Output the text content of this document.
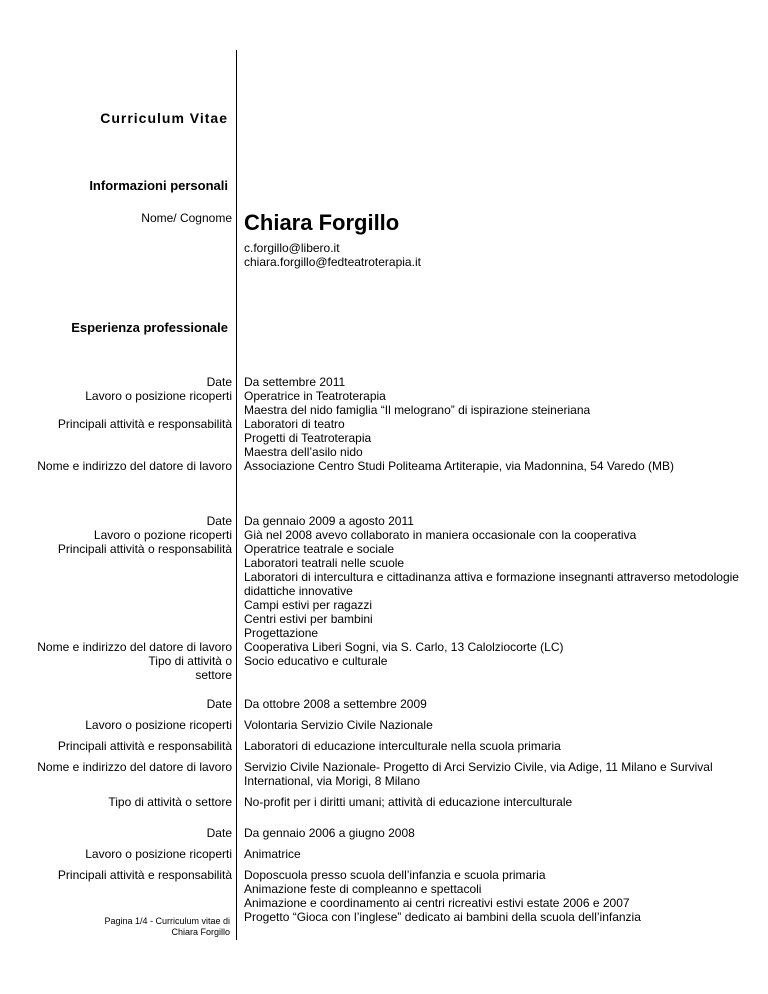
Curriculum Vitae
Informazioni personali
Nome/ Cognome Chiara Forgillo
c.forgillo@libero.it
chiara.forgillo@fedteatroterapia.it
Esperienza professionale
Date Da settembre 2011
Lavoro o posizione ricoperti Operatrice in Teatroterapia
Maestra del nido famiglia “Il melograno” di ispirazione steineriana
Principali attività e responsabilità Laboratori di teatro
Progetti di Teatroterapia
Maestra dell’asilo nido
Nome e indirizzo del datore di lavoro Associazione Centro Studi Politeama Artiterapie, via Madonnina, 54 Varedo (MB)
Date Da gennaio 2009 a agosto 2011
Lavoro o pozione ricoperti Già nel 2008 avevo collaborato in maniera occasionale con la cooperativa
Principali attività o responsabilità Operatrice teatrale e sociale
Laboratori teatrali nelle scuole
Laboratori di intercultura e cittadinanza attiva e formazione insegnanti attraverso metodologie
didattiche innovative
Campi estivi per ragazzi
Centri estivi per bambini
Progettazione
Nome e indirizzo del datore di lavoro Cooperativa Liberi Sogni, via S. Carlo, 13 Calolziocorte (LC)
Tipo di attività o Socio educativo e culturale
settore
Date Da ottobre 2008 a settembre 2009
Lavoro o posizione ricoperti Volontaria Servizio Civile Nazionale
Principali attività e responsabilità Laboratori di educazione interculturale nella scuola primaria
Nome e indirizzo del datore di lavoro Servizio Civile Nazionale- Progetto di Arci Servizio Civile, via Adige, 11 Milano e Survival
International, via Morigi, 8 Milano
Tipo di attività o settore No-profit per i diritti umani; attività di educazione interculturale
Date Da gennaio 2006 a giugno 2008
Lavoro o posizione ricoperti Animatrice
Principali attività e responsabilità Doposcuola presso scuola dell’infanzia e scuola primaria
Animazione feste di compleanno e spettacoli
Animazione e coordinamento ai centri ricreativi estivi estate 2006 e 2007
Progetto “Gioca con l’inglese” dedicato ai bambini della scuola dell’infanzia
Pagina 1/4 - Curriculum vitae di
Chiara Forgillo
